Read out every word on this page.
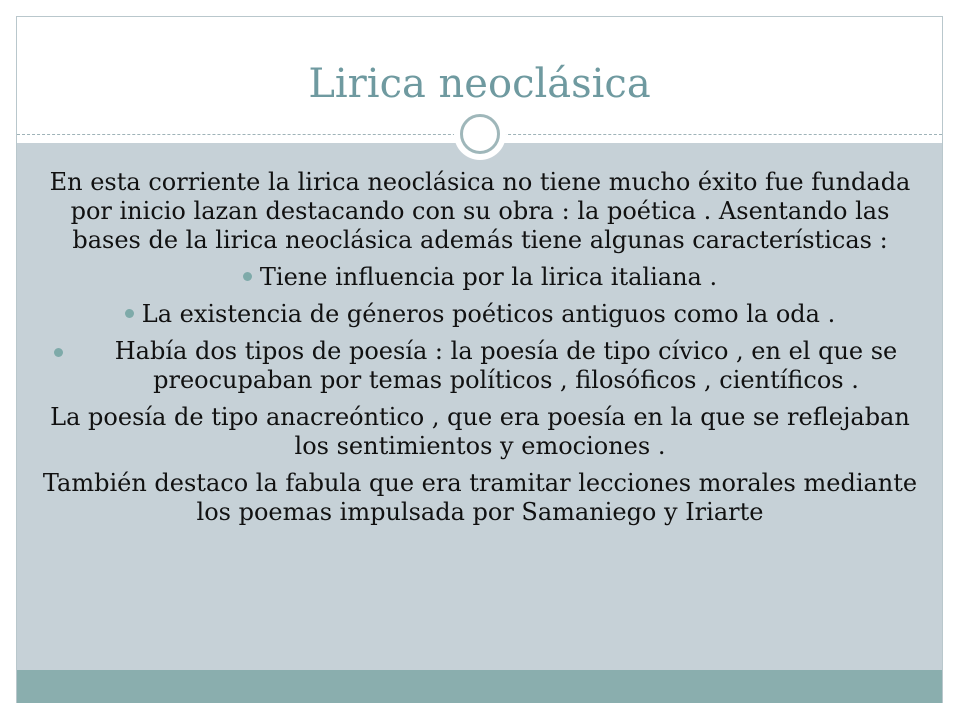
Lirica neoclásica

En esta corriente la lirica neoclásica no tiene mucho éxito fue fundada por inicio lazan destacando con su obra : la poética . Asentando las bases de la lirica neoclásica además tiene algunas características :

Tiene influencia por la lirica italiana .

La existencia de géneros poéticos antiguos como la oda .

Había dos tipos de poesía : la poesía de tipo cívico , en el que se preocupaban por temas políticos , filosóficos , científicos .

La poesía de tipo anacreóntico , que era poesía en la que se reflejaban los sentimientos y emociones .

También destaco la fabula que era tramitar lecciones morales mediante los poemas impulsada por Samaniego y Iriarte
